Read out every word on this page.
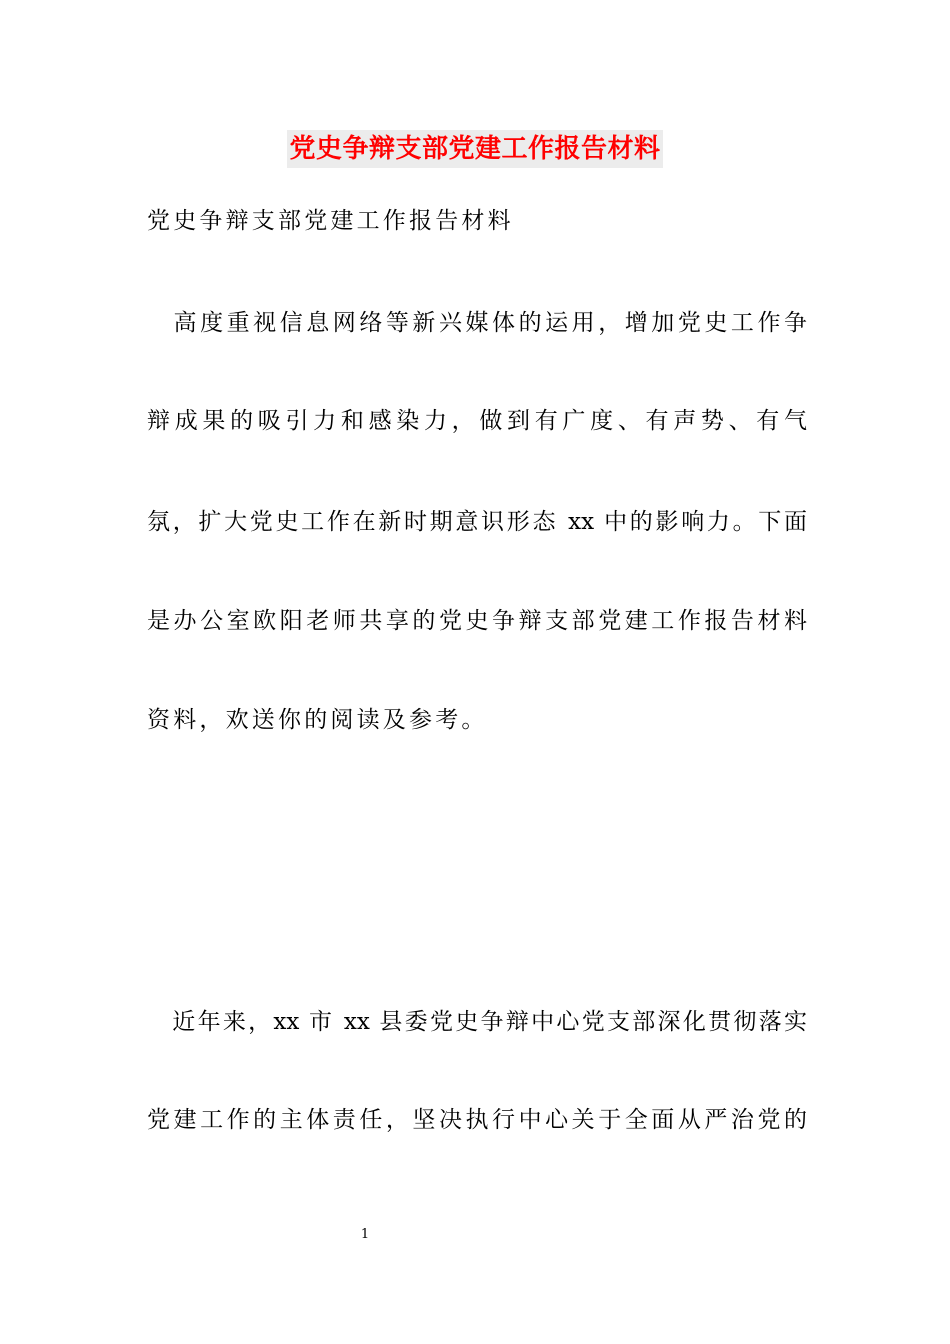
党史争辩支部党建工作报告材料
党史争辩支部党建工作报告材料
　高度重视信息网络等新兴媒体的运用，增加党史工作争
辩成果的吸引力和感染力，做到有广度、有声势、有气
氛，扩大党史工作在新时期意识形态 xx 中的影响力。下面
是办公室欧阳老师共享的党史争辩支部党建工作报告材料
资料，欢送你的阅读及参考。
　近年来，xx 市 xx 县委党史争辩中心党支部深化贯彻落实
党建工作的主体责任，坚决执行中心关于全面从严治党的
1
